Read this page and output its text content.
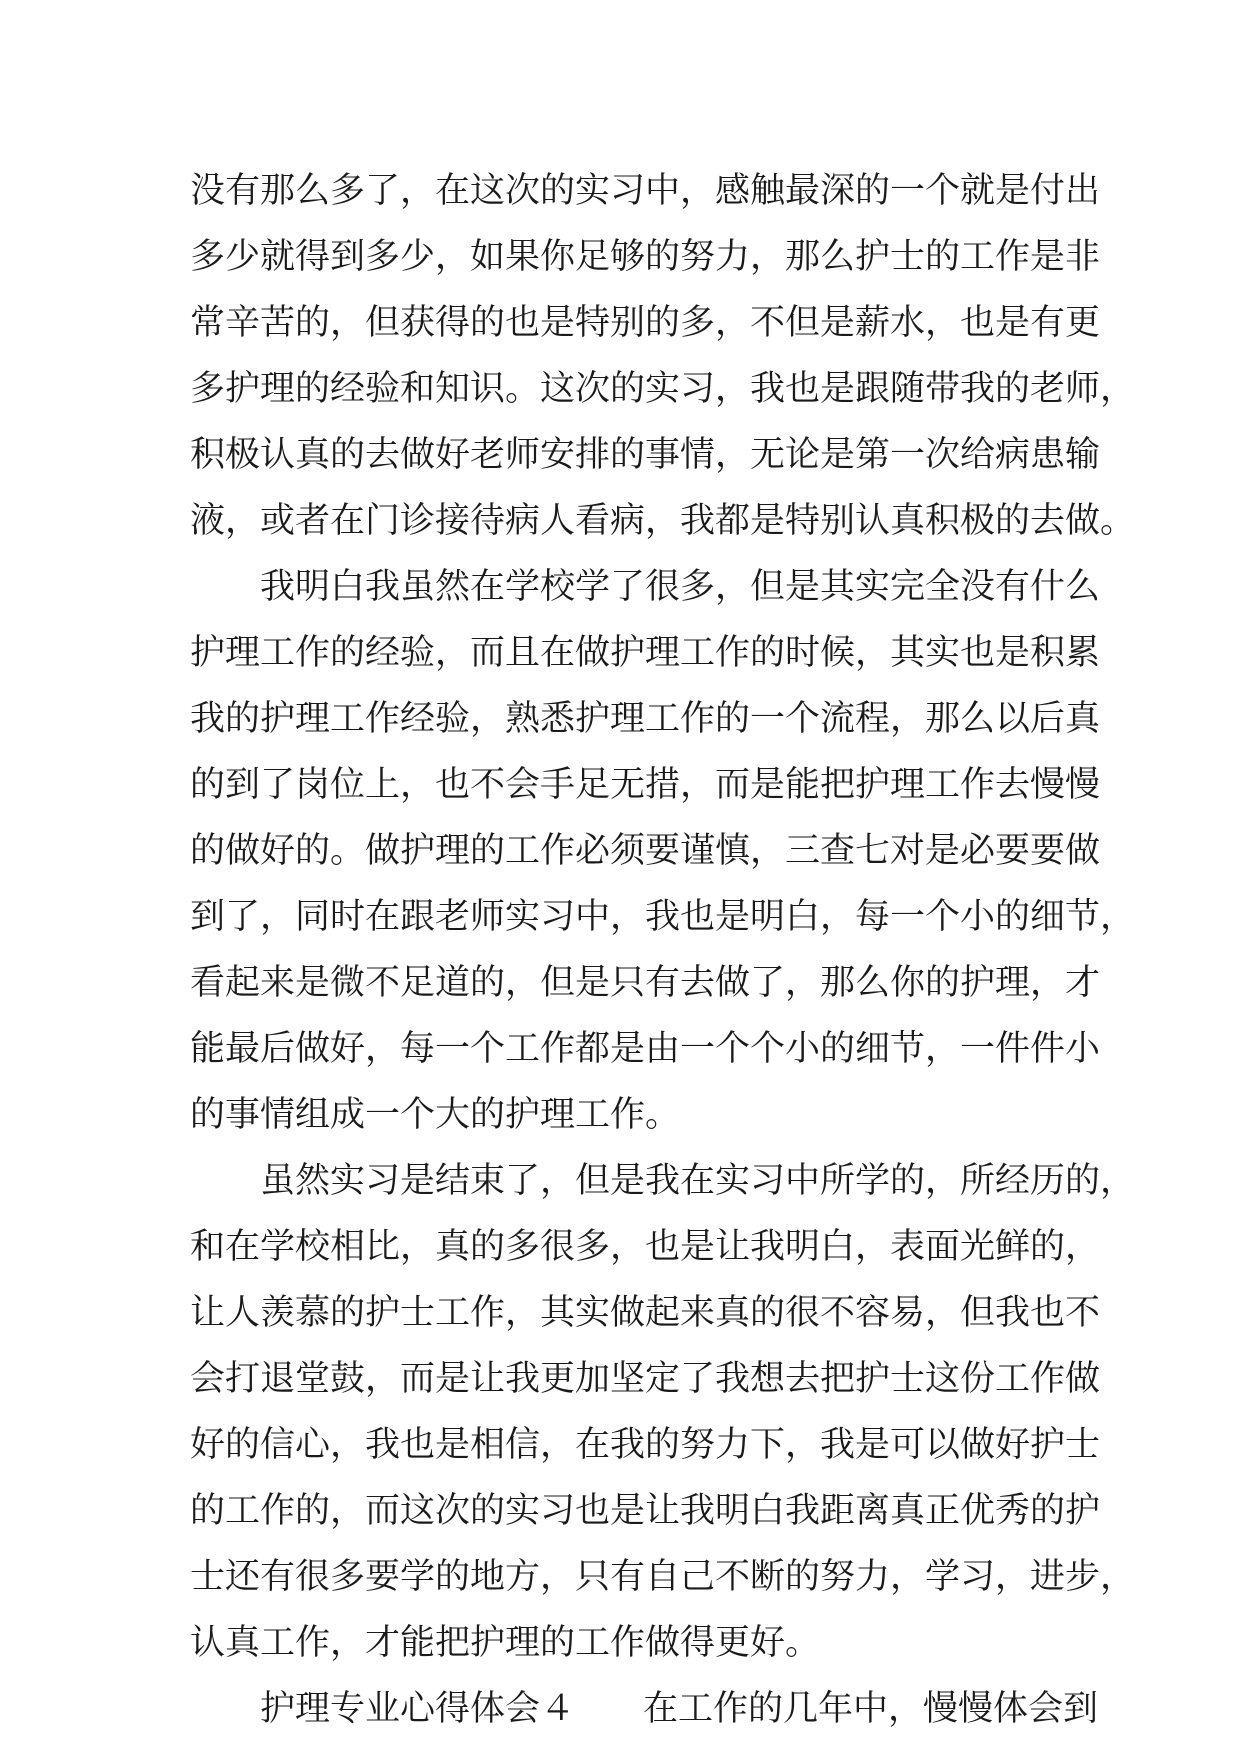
没有那么多了，在这次的实习中，感触最深的一个就是付出
多少就得到多少，如果你足够的努力，那么护士的工作是非
常辛苦的，但获得的也是特别的多，不但是薪水，也是有更
多护理的经验和知识。这次的实习，我也是跟随带我的老师，
积极认真的去做好老师安排的事情，无论是第一次给病患输
液，或者在门诊接待病人看病，我都是特别认真积极的去做。
我明白我虽然在学校学了很多，但是其实完全没有什么
护理工作的经验，而且在做护理工作的时候，其实也是积累
我的护理工作经验，熟悉护理工作的一个流程，那么以后真
的到了岗位上，也不会手足无措，而是能把护理工作去慢慢
的做好的。做护理的工作必须要谨慎，三查七对是必要要做
到了，同时在跟老师实习中，我也是明白，每一个小的细节，
看起来是微不足道的，但是只有去做了，那么你的护理，才
能最后做好，每一个工作都是由一个个小的细节，一件件小
的事情组成一个大的护理工作。
虽然实习是结束了，但是我在实习中所学的，所经历的，
和在学校相比，真的多很多，也是让我明白，表面光鲜的，
让人羡慕的护士工作，其实做起来真的很不容易，但我也不
会打退堂鼓，而是让我更加坚定了我想去把护士这份工作做
好的信心，我也是相信，在我的努力下，我是可以做好护士
的工作的，而这次的实习也是让我明白我距离真正优秀的护
士还有很多要学的地方，只有自己不断的努力，学习，进步，
认真工作，才能把护理的工作做得更好。
护理专业心得体会４ 在工作的几年中，慢慢体会到
